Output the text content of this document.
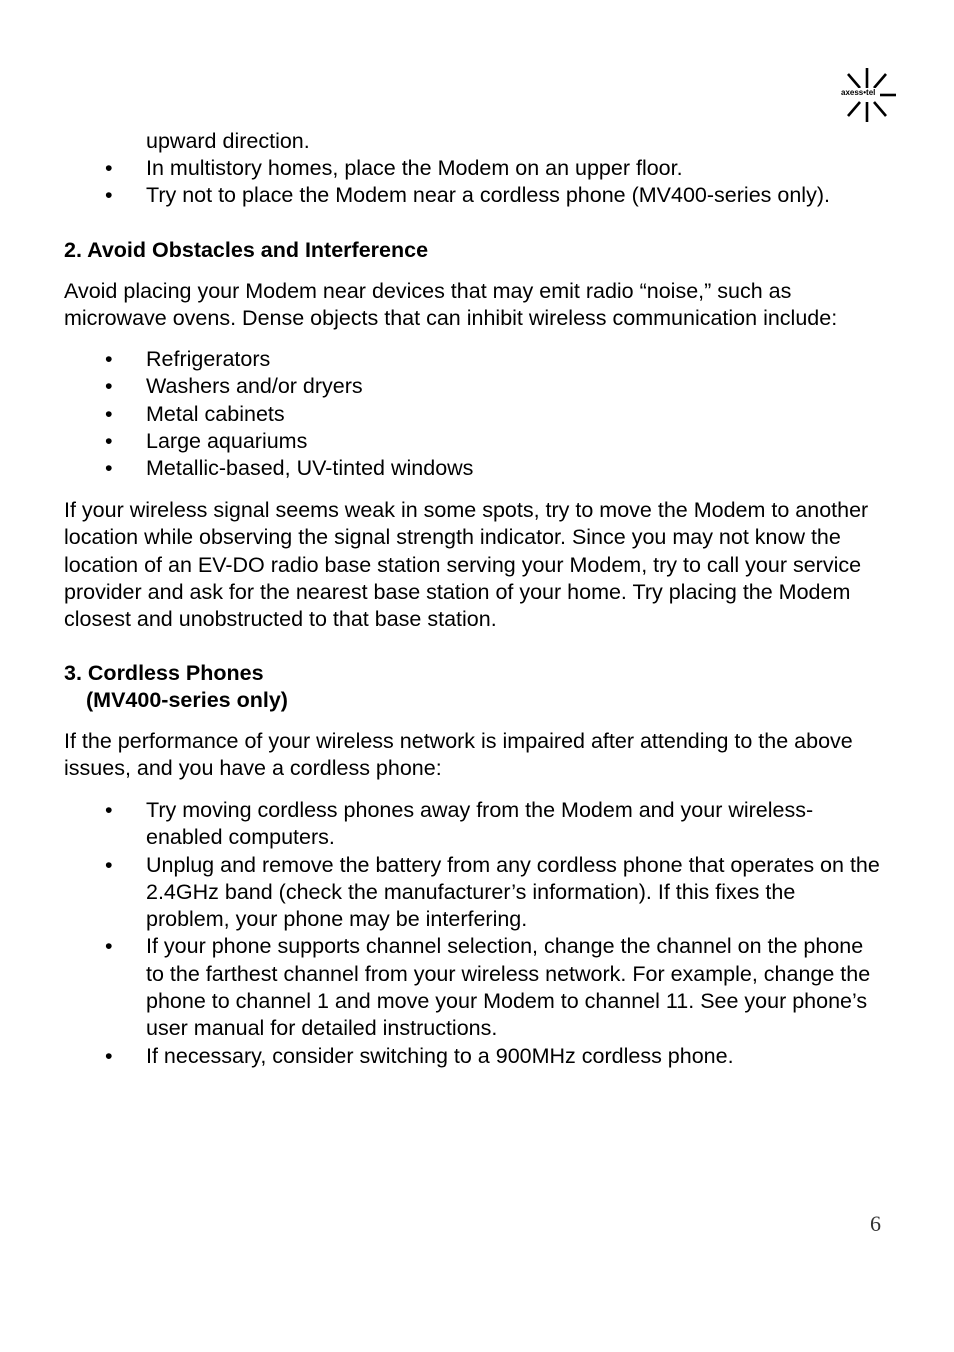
axess•tel
upward direction.
• In multistory homes, place the Modem on an upper floor.
• Try not to place the Modem near a cordless phone (MV400-series only).
2. Avoid Obstacles and Interference

Avoid placing your Modem near devices that may emit radio “noise,” such as microwave ovens. Dense objects that can inhibit wireless communication include:

• Refrigerators
• Washers and/or dryers
• Metal cabinets
• Large aquariums
• Metallic-based, UV-tinted windows

If your wireless signal seems weak in some spots, try to move the Modem to another location while observing the signal strength indicator. Since you may not know the location of an EV-DO radio base station serving your Modem, try to call your service provider and ask for the nearest base station of your home. Try placing the Modem closest and unobstructed to that base station.

3. Cordless Phones
(MV400-series only)

If the performance of your wireless network is impaired after attending to the above issues, and you have a cordless phone:

• Try moving cordless phones away from the Modem and your wireless-enabled computers.
• Unplug and remove the battery from any cordless phone that operates on the 2.4GHz band (check the manufacturer’s information). If this fixes the problem, your phone may be interfering.
• If your phone supports channel selection, change the channel on the phone to the farthest channel from your wireless network. For example, change the phone to channel 1 and move your Modem to channel 11. See your phone’s user manual for detailed instructions.
• If necessary, consider switching to a 900MHz cordless phone.
6
